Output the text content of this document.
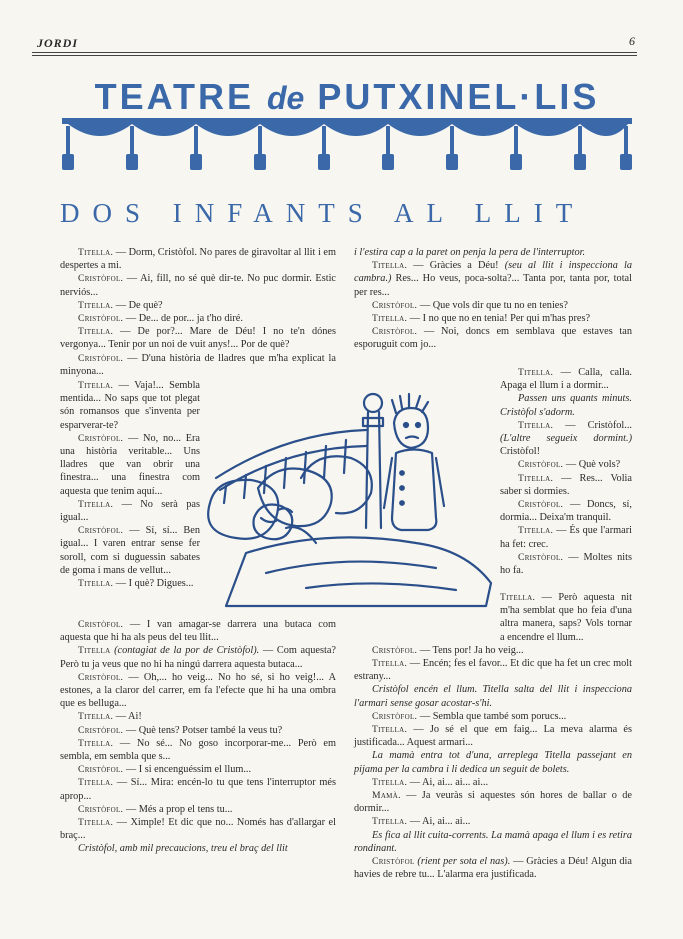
JORDI	6
TEATRE de PUTXINEL·LIS
DOS INFANTS AL LLIT

Titella. — Dorm, Cristòfol. No pares de giravoltar al llit i em despertes a mi.

Cristòfol. — Ai, fill, no sé què dir-te. No puc dormir. Estic nerviós...

Titella. — De què?

Cristòfol. — De... de por... ja t'ho diré.

Titella. — De por?... Mare de Déu! I no te'n dónes vergonya... Tenir por un noi de vuit anys!... Por de què?

Cristòfol. — D'una història de lladres que m'ha explicat la minyona...

Titella. — Vaja!... Sembla mentida... No saps que tot plegat són romansos que s'inventa per esparverar-te?

Cristòfol. — No, no... Era una història veritable... Uns lladres que van obrir una finestra... una finestra com aquesta que tenim aquí...

Titella. — No serà pas igual...

Cristòfol. — Sí, sí... Ben igual... I varen entrar sense fer soroll, com si duguessin sabates de goma i mans de vellut...

Titella. — I què? Digues...

Cristòfol. — I van amagar-se darrera una butaca com aquesta que hi ha als peus del teu llit...

Titella (contagiat de la por de Cristòfol). — Com aquesta? Però tu ja veus que no hi ha ningú darrera aquesta butaca...

Cristòfol. — Oh,... ho veig... No ho sé, si ho veig!... A estones, a la claror del carrer, em fa l'efecte que hi ha una ombra que es belluga...

Titella. — Ai!

Cristòfol. — Què tens? Potser també la veus tu?

Titella. — No sé... No goso incorporar-me... Però em sembla, em sembla que s...

Cristòfol. — I si encenguéssim el llum...

Titella. — Sí... Mira: encén-lo tu que tens l'interruptor més aprop...

Cristòfol. — Més a prop el tens tu...

Titella. — Ximple! Et dic que no... Només has d'allargar el braç...

Cristòfol, amb mil precaucions, treu el braç del llit

i l'estira cap a la paret on penja la pera de l'interruptor.

Titella. — Gràcies a Déu! (seu al llit i inspecciona la cambra.) Res... Ho veus, poca-solta?... Tanta por, tanta por, total per res...

Cristòfol. — Que vols dir que tu no en tenies?

Titella. — I no que no en tenia! Per qui m'has pres?

Cristòfol. — Noi, doncs em semblava que estaves tan esporuguit com jo...

Titella. — Calla, calla. Apaga el llum i a dormir...

Passen uns quants minuts. Cristòfol s'adorm.

Titella. — Cristòfol... (L'altre segueix dormint.) Cristòfol!

Cristòfol. — Què vols?

Titella. — Res... Volia saber si dormies.

Cristòfol. — Doncs, sí, dormia... Deixa'm tranquil.

Titella. — És que l'armari ha fet: crec.

Cristòfol. — Moltes nits ho fa.

Titella. — Però aquesta nit m'ha semblat que ho feia d'una altra manera, saps? Vols tornar a encendre el llum...

Cristòfol. — Tens por! Ja ho veig...

Titella. — Encén; fes el favor... Et dic que ha fet un crec molt estrany...

Cristòfol encén el llum. Titella salta del llit i inspecciona l'armari sense gosar acostar-s'hi.

Cristòfol. — Sembla que també som porucs...

Titella. — Jo sé el que em faig... La meva alarma és justificada... Aquest armari...

La mamà entra tot d'una, arreplega Titella passejant en pijama per la cambra i li dedica un seguit de bolets.

Titella. — Ai, ai... ai... ai...

Mamà. — Ja veuràs si aquestes són hores de ballar o de dormir...

Titella. — Ai, ai... ai...

Es fica al llit cuita-corrents. La mamà apaga el llum i es retira rondinant.

Cristòfol (rient per sota el nas). — Gràcies a Déu! Algun dia havies de rebre tu... L'alarma era justificada.
